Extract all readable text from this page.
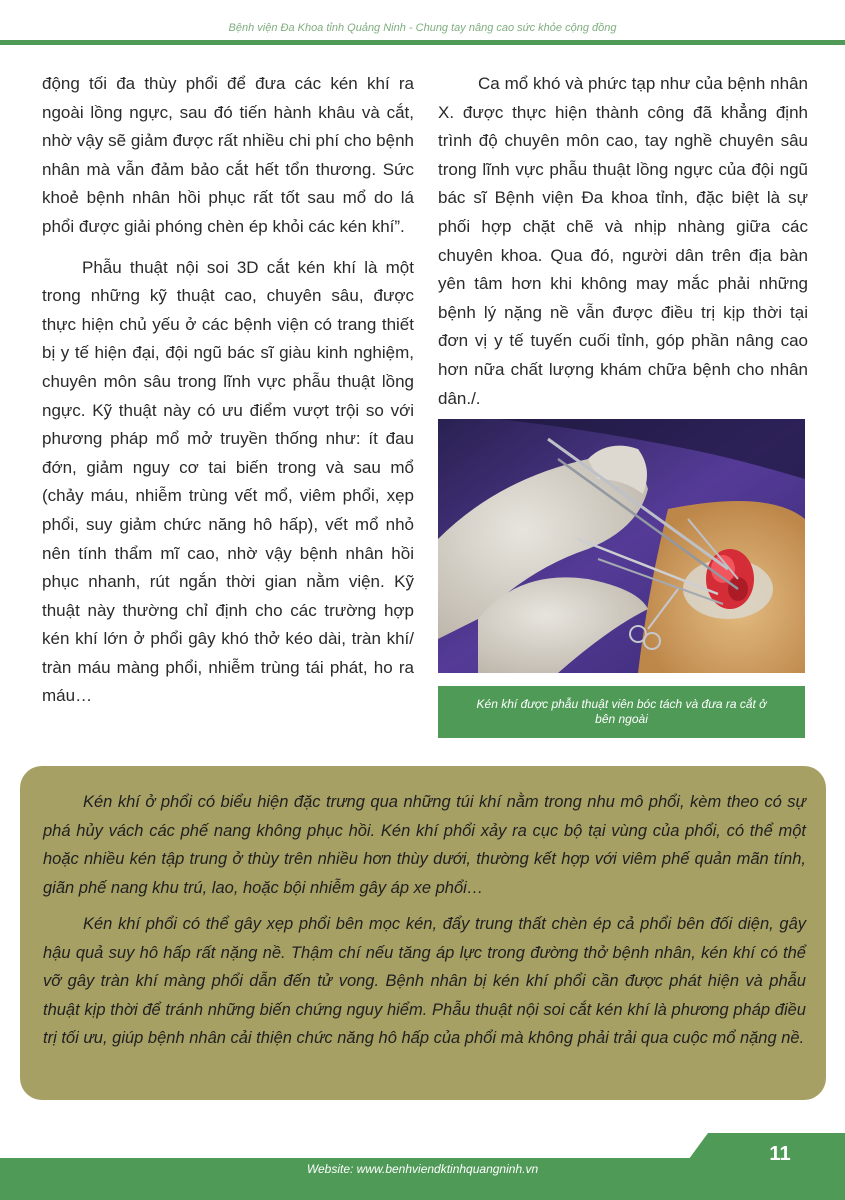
Bệnh viện Đa Khoa tỉnh Quảng Ninh - Chung tay nâng cao sức khỏe cộng đồng

động tối đa thùy phổi để đưa các kén khí ra ngoài lồng ngực, sau đó tiến hành khâu và cắt, nhờ vậy sẽ giảm được rất nhiều chi phí cho bệnh nhân mà vẫn đảm bảo cắt hết tổn thương. Sức khoẻ bệnh nhân hồi phục rất tốt sau mổ do lá phổi được giải phóng chèn ép khỏi các kén khí”.

Phẫu thuật nội soi 3D cắt kén khí là một trong những kỹ thuật cao, chuyên sâu, được thực hiện chủ yếu ở các bệnh viện có trang thiết bị y tế hiện đại, đội ngũ bác sĩ giàu kinh nghiệm, chuyên môn sâu trong lĩnh vực phẫu thuật lồng ngực. Kỹ thuật này có ưu điểm vượt trội so với phương pháp mổ mở truyền thống như: ít đau đớn, giảm nguy cơ tai biến trong và sau mổ (chảy máu, nhiễm trùng vết mổ, viêm phổi, xẹp phổi, suy giảm chức năng hô hấp), vết mổ nhỏ nên tính thẩm mĩ cao, nhờ vậy bệnh nhân hồi phục nhanh, rút ngắn thời gian nằm viện. Kỹ thuật này thường chỉ định cho các trường hợp kén khí lớn ở phổi gây khó thở kéo dài, tràn khí/ tràn máu màng phổi, nhiễm trùng tái phát, ho ra máu…

Ca mổ khó và phức tạp như của bệnh nhân X. được thực hiện thành công đã khẳng định trình độ chuyên môn cao, tay nghề chuyên sâu trong lĩnh vực phẫu thuật lồng ngực của đội ngũ bác sĩ Bệnh viện Đa khoa tỉnh, đặc biệt là sự phối hợp chặt chẽ và nhịp nhàng giữa các chuyên khoa. Qua đó, người dân trên địa bàn yên tâm hơn khi không may mắc phải những bệnh lý nặng nề vẫn được điều trị kịp thời tại đơn vị y tế tuyến cuối tỉnh, góp phần nâng cao hơn nữa chất lượng khám chữa bệnh cho nhân dân./.

Kén khí được phẫu thuật viên bóc tách và đưa ra cắt ở bên ngoài

Kén khí ở phổi có biểu hiện đặc trưng qua những túi khí nằm trong nhu mô phổi, kèm theo có sự phá hủy vách các phế nang không phục hồi. Kén khí phổi xảy ra cục bộ tại vùng của phổi, có thể một hoặc nhiều kén tập trung ở thùy trên nhiều hơn thùy dưới, thường kết hợp với viêm phế quản mãn tính, giãn phế nang khu trú, lao, hoặc bội nhiễm gây áp xe phổi…

Kén khí phổi có thể gây xẹp phổi bên mọc kén, đẩy trung thất chèn ép cả phổi bên đối diện, gây hậu quả suy hô hấp rất nặng nề. Thậm chí nếu tăng áp lực trong đường thở bệnh nhân, kén khí có thể vỡ gây tràn khí màng phổi dẫn đến tử vong. Bệnh nhân bị kén khí phổi cần được phát hiện và phẫu thuật kịp thời để tránh những biến chứng nguy hiểm. Phẫu thuật nội soi cắt kén khí là phương pháp điều trị tối ưu, giúp bệnh nhân cải thiện chức năng hô hấp của phổi mà không phải trải qua cuộc mổ nặng nề.

Website: www.benhviendktinhquangninh.vn
11
